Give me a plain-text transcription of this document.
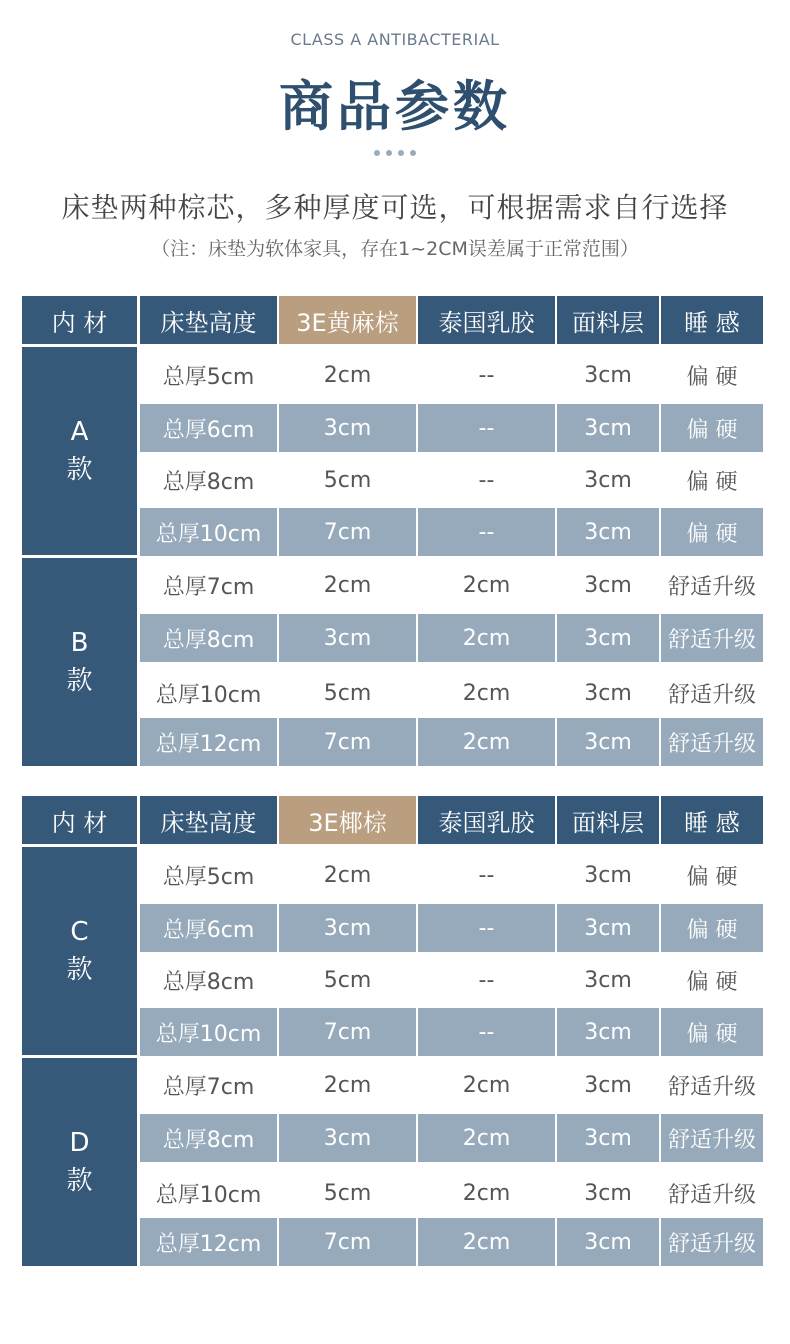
CLASS A ANTIBACTERIAL
商品参数
床垫两种棕芯，多种厚度可选，可根据需求自行选择
（注：床垫为软体家具，存在1~2CM误差属于正常范围）
内 材	床垫高度	3E黄麻棕	泰国乳胶	面料层	睡 感
A
款
总厚5cm	2cm	--	3cm	偏 硬
总厚6cm	3cm	--	3cm	偏 硬
总厚8cm	5cm	--	3cm	偏 硬
总厚10cm	7cm	--	3cm	偏 硬
B
款
总厚7cm	2cm	2cm	3cm	舒适升级
总厚8cm	3cm	2cm	3cm	舒适升级
总厚10cm	5cm	2cm	3cm	舒适升级
总厚12cm	7cm	2cm	3cm	舒适升级
内 材	床垫高度	3E椰棕	泰国乳胶	面料层	睡 感
C
款
总厚5cm	2cm	--	3cm	偏 硬
总厚6cm	3cm	--	3cm	偏 硬
总厚8cm	5cm	--	3cm	偏 硬
总厚10cm	7cm	--	3cm	偏 硬
D
款
总厚7cm	2cm	2cm	3cm	舒适升级
总厚8cm	3cm	2cm	3cm	舒适升级
总厚10cm	5cm	2cm	3cm	舒适升级
总厚12cm	7cm	2cm	3cm	舒适升级
